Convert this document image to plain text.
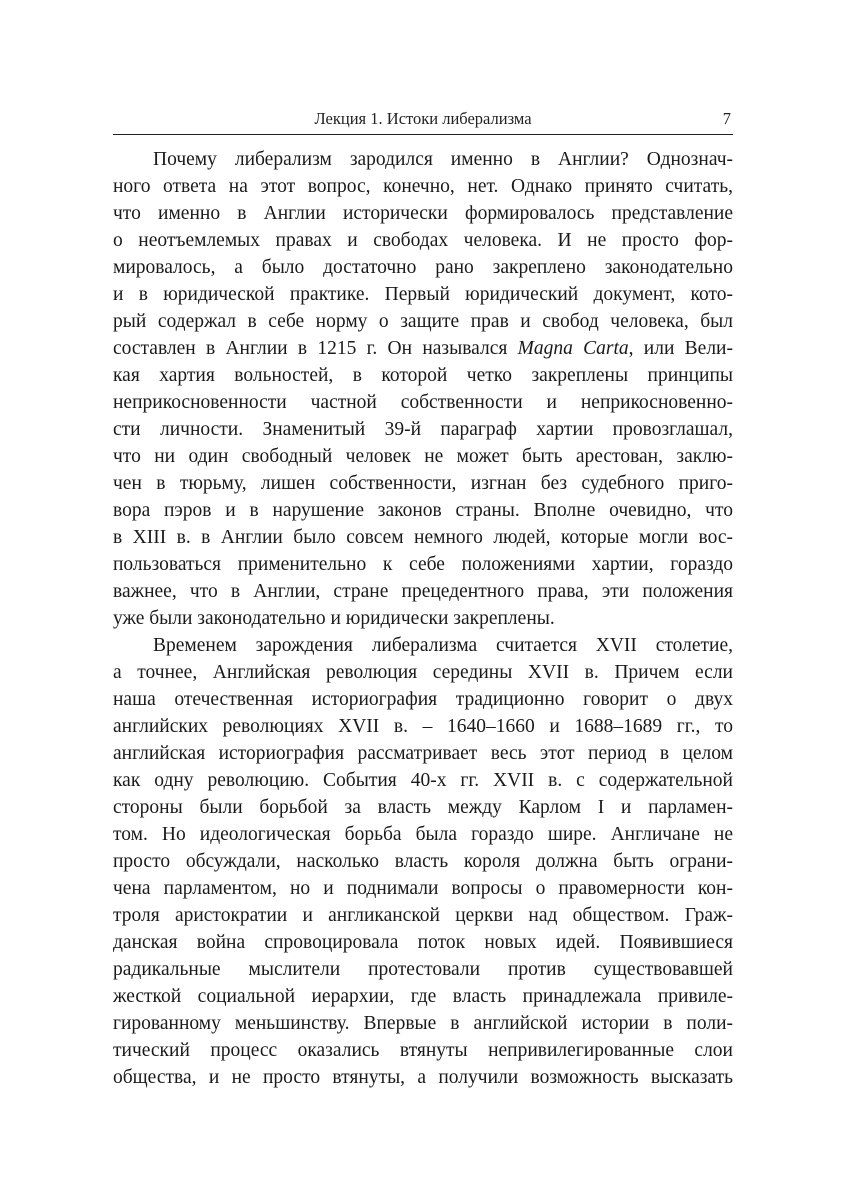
Лекция 1. Истоки либерализма	7
Почему либерализм зародился именно в Англии? Однознач-
ного ответа на этот вопрос, конечно, нет. Однако принято считать,
что именно в Англии исторически формировалось представление
о неотъемлемых правах и свободах человека. И не просто фор-
мировалось, а было достаточно рано закреплено законодательно
и в юридической практике. Первый юридический документ, кото-
рый содержал в себе норму о защите прав и свобод человека, был
составлен в Англии в 1215 г. Он назывался Magna Carta, или Вели-
кая хартия вольностей, в которой четко закреплены принципы
неприкосновенности частной собственности и неприкосновенно-
сти личности. Знаменитый 39-й параграф хартии провозглашал,
что ни один свободный человек не может быть арестован, заклю-
чен в тюрьму, лишен собственности, изгнан без судебного приго-
вора пэров и в нарушение законов страны. Вполне очевидно, что
в XIII в. в Англии было совсем немного людей, которые могли вос-
пользоваться применительно к себе положениями хартии, гораздо
важнее, что в Англии, стране прецедентного права, эти положения
уже были законодательно и юридически закреплены.
Временем зарождения либерализма считается XVII столетие,
а точнее, Английская революция середины XVII в. Причем если
наша отечественная историография традиционно говорит о двух
английских революциях XVII в. – 1640–1660 и 1688–1689 гг., то
английская историография рассматривает весь этот период в целом
как одну революцию. События 40-х гг. XVII в. с содержательной
стороны были борьбой за власть между Карлом I и парламен-
том. Но идеологическая борьба была гораздо шире. Англичане не
просто обсуждали, насколько власть короля должна быть ограни-
чена парламентом, но и поднимали вопросы о правомерности кон-
троля аристократии и англиканской церкви над обществом. Граж-
данская война спровоцировала поток новых идей. Появившиеся
радикальные мыслители протестовали против существовавшей
жесткой социальной иерархии, где власть принадлежала привиле-
гированному меньшинству. Впервые в английской истории в поли-
тический процесс оказались втянуты непривилегированные слои
общества, и не просто втянуты, а получили возможность высказать
